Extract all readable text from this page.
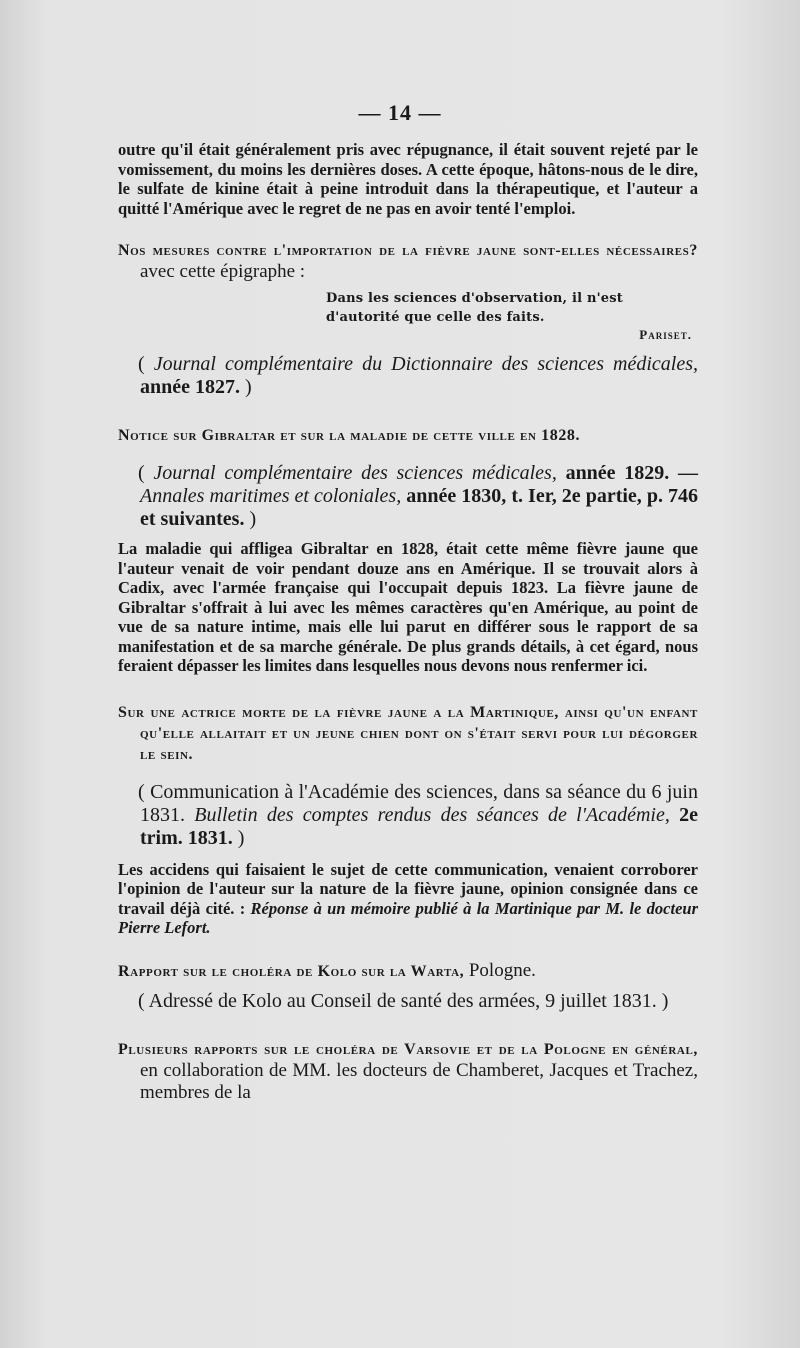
— 14 —

outre qu'il était généralement pris avec répugnance, il était souvent rejeté par le vomissement, du moins les dernières doses. A cette époque, hâtons-nous de le dire, le sulfate de kinine était à peine introduit dans la thérapeutique, et l'auteur a quitté l'Amérique avec le regret de ne pas en avoir tenté l'emploi.

Nos mesures contre l'importation de la fièvre jaune sont-elles nécessaires? avec cette épigraphe :

Dans les sciences d'observation, il n'est d'autorité que celle des faits.

Pariset.

( Journal complémentaire du Dictionnaire des sciences médicales, année 1827. )

Notice sur Gibraltar et sur la maladie de cette ville en 1828.

( Journal complémentaire des sciences médicales, année 1829. — Annales maritimes et coloniales, année 1830, t. Ier, 2e partie, p. 746 et suivantes. )

La maladie qui affligea Gibraltar en 1828, était cette même fièvre jaune que l'auteur venait de voir pendant douze ans en Amérique. Il se trouvait alors à Cadix, avec l'armée française qui l'occupait depuis 1823. La fièvre jaune de Gibraltar s'offrait à lui avec les mêmes caractères qu'en Amérique, au point de vue de sa nature intime, mais elle lui parut en différer sous le rapport de sa manifestation et de sa marche générale. De plus grands détails, à cet égard, nous feraient dépasser les limites dans lesquelles nous devons nous renfermer ici.

Sur une actrice morte de la fièvre jaune a la Martinique, ainsi qu'un enfant qu'elle allaitait et un jeune chien dont on s'était servi pour lui dégorger le sein.

( Communication à l'Académie des sciences, dans sa séance du 6 juin 1831. Bulletin des comptes rendus des séances de l'Académie, 2e trim. 1831. )

Les accidens qui faisaient le sujet de cette communication, venaient corroborer l'opinion de l'auteur sur la nature de la fièvre jaune, opinion consignée dans ce travail déjà cité. : Réponse à un mémoire publié à la Martinique par M. le docteur Pierre Lefort.

Rapport sur le choléra de Kolo sur la Warta, Pologne.

( Adressé de Kolo au Conseil de santé des armées, 9 juillet 1831. )

Plusieurs rapports sur le choléra de Varsovie et de la Pologne en général, en collaboration de MM. les docteurs de Chamberet, Jacques et Trachez, membres de la
